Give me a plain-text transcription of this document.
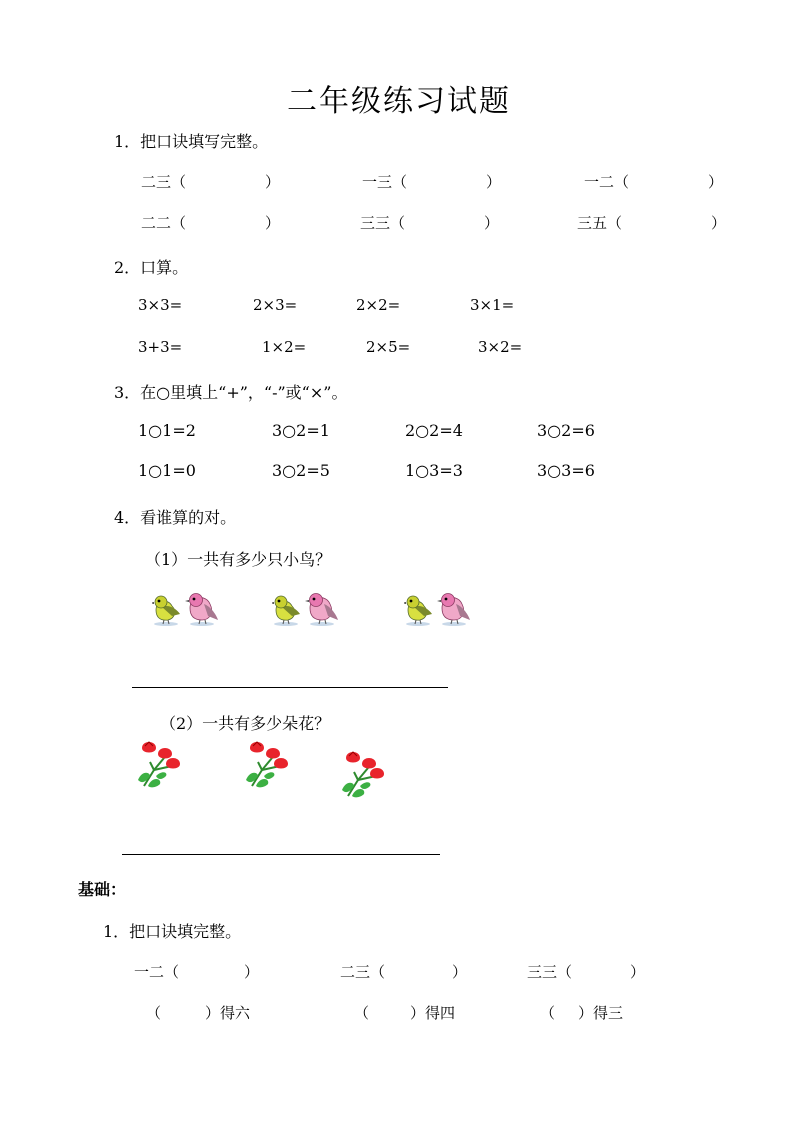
二年级练习试题
1．把口诀填写完整。
二三（	）	一三（	）	一二（	）
二二（	）	三三（	）	三五（	）
2．口算。
3×3=	2×3=	2×2=	3×1=
3+3=	1×2=	2×5=	3×2=
3．在○里填上“+”，“-”或“×”。
1○1=2	3○2=1	2○2=4	3○2=6
1○1=0	3○2=5	1○3=3	3○3=6
4．看谁算的对。
（1）一共有多少只小鸟？
（2）一共有多少朵花？
基础：
1．把口诀填完整。
一二（	）	二三（	）	三三（	）
（	）得六	（	）得四	（ ）得三
